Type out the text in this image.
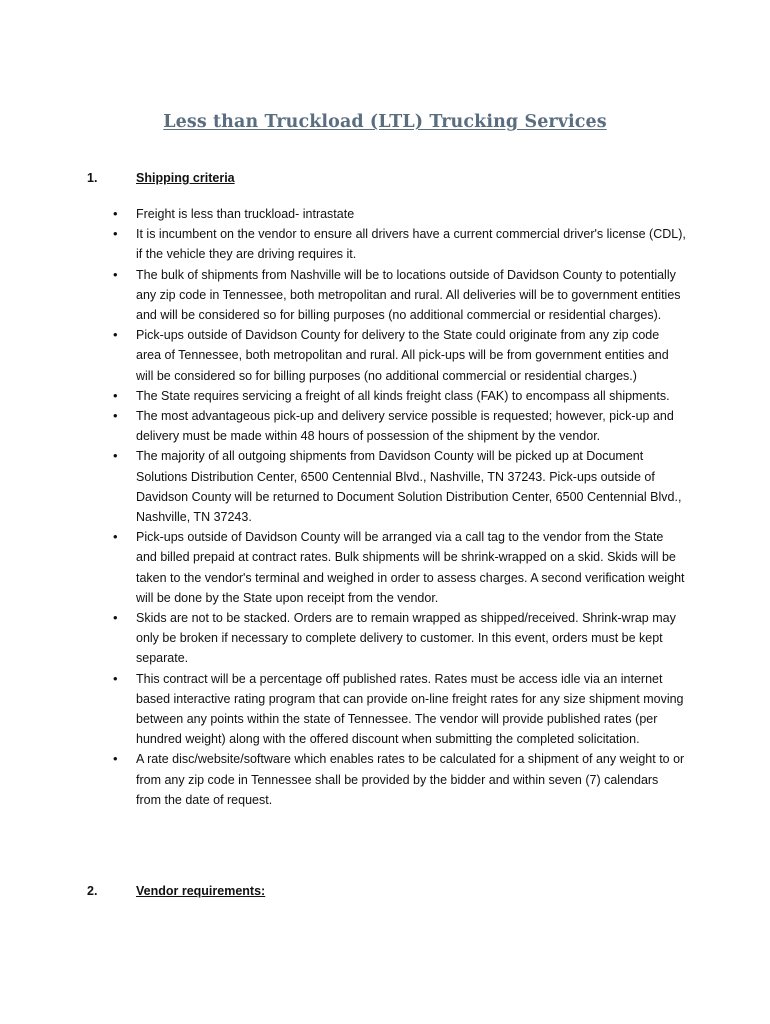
Less than Truckload (LTL) Trucking Services
1.	Shipping criteria
• Freight is less than truckload- intrastate
• It is incumbent on the vendor to ensure all drivers have a current commercial driver's license (CDL), if the vehicle they are driving requires it.
• The bulk of shipments from Nashville will be to locations outside of Davidson County to potentially any zip code in Tennessee, both metropolitan and rural. All deliveries will be to government entities and will be considered so for billing purposes (no additional commercial or residential charges).
• Pick-ups outside of Davidson County for delivery to the State could originate from any zip code area of Tennessee, both metropolitan and rural. All pick-ups will be from government entities and will be considered so for billing purposes (no additional commercial or residential charges.)
• The State requires servicing a freight of all kinds freight class (FAK) to encompass all shipments.
• The most advantageous pick-up and delivery service possible is requested; however, pick-up and delivery must be made within 48 hours of possession of the shipment by the vendor.
• The majority of all outgoing shipments from Davidson County will be picked up at Document Solutions Distribution Center, 6500 Centennial Blvd., Nashville, TN 37243. Pick-ups outside of Davidson County will be returned to Document Solution Distribution Center, 6500 Centennial Blvd., Nashville, TN 37243.
• Pick-ups outside of Davidson County will be arranged via a call tag to the vendor from the State and billed prepaid at contract rates. Bulk shipments will be shrink-wrapped on a skid. Skids will be taken to the vendor's terminal and weighed in order to assess charges. A second verification weight will be done by the State upon receipt from the vendor.
• Skids are not to be stacked. Orders are to remain wrapped as shipped/received. Shrink-wrap may only be broken if necessary to complete delivery to customer. In this event, orders must be kept separate.
• This contract will be a percentage off published rates. Rates must be access idle via an internet based interactive rating program that can provide on-line freight rates for any size shipment moving between any points within the state of Tennessee. The vendor will provide published rates (per hundred weight) along with the offered discount when submitting the completed solicitation.
• A rate disc/website/software which enables rates to be calculated for a shipment of any weight to or from any zip code in Tennessee shall be provided by the bidder and within seven (7) calendars from the date of request.
2.	Vendor requirements:
